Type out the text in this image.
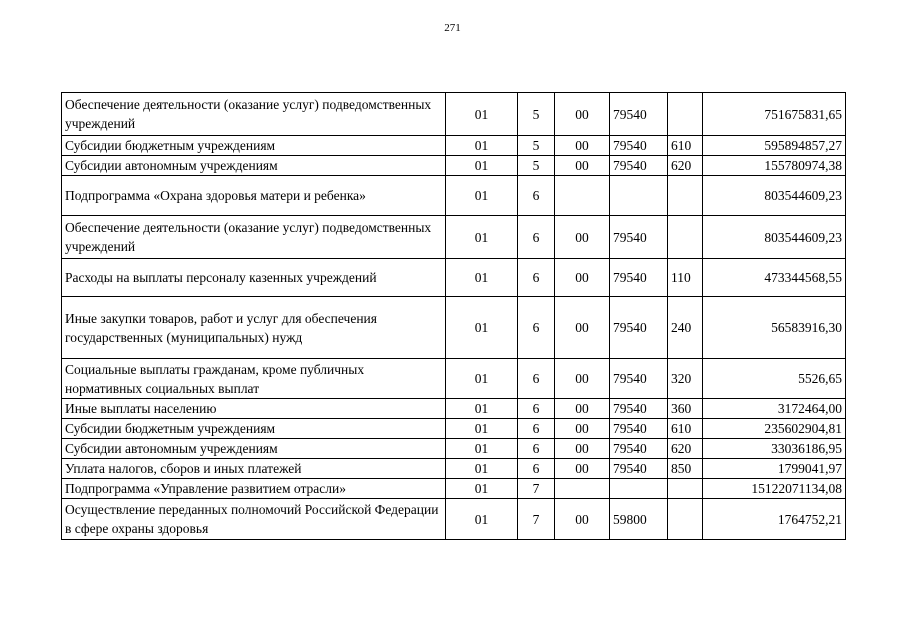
271
Обеспечение деятельности (оказание услуг) подведомственных учреждений	01	5	00	79540		751675831,65
Субсидии бюджетным учреждениям	01	5	00	79540	610	595894857,27
Субсидии автономным учреждениям	01	5	00	79540	620	155780974,38
Подпрограмма «Охрана здоровья матери и ребенка»	01	6				803544609,23
Обеспечение деятельности (оказание услуг) подведомственных учреждений	01	6	00	79540		803544609,23
Расходы на выплаты персоналу казенных учреждений	01	6	00	79540	110	473344568,55
Иные закупки товаров, работ и услуг для обеспечения государственных (муниципальных) нужд	01	6	00	79540	240	56583916,30
Социальные выплаты гражданам, кроме публичных нормативных социальных выплат	01	6	00	79540	320	5526,65
Иные выплаты населению	01	6	00	79540	360	3172464,00
Субсидии бюджетным учреждениям	01	6	00	79540	610	235602904,81
Субсидии автономным учреждениям	01	6	00	79540	620	33036186,95
Уплата налогов, сборов и иных платежей	01	6	00	79540	850	1799041,97
Подпрограмма «Управление развитием отрасли»	01	7				15122071134,08
Осуществление переданных полномочий Российской Федерации в сфере охраны здоровья	01	7	00	59800		1764752,21
